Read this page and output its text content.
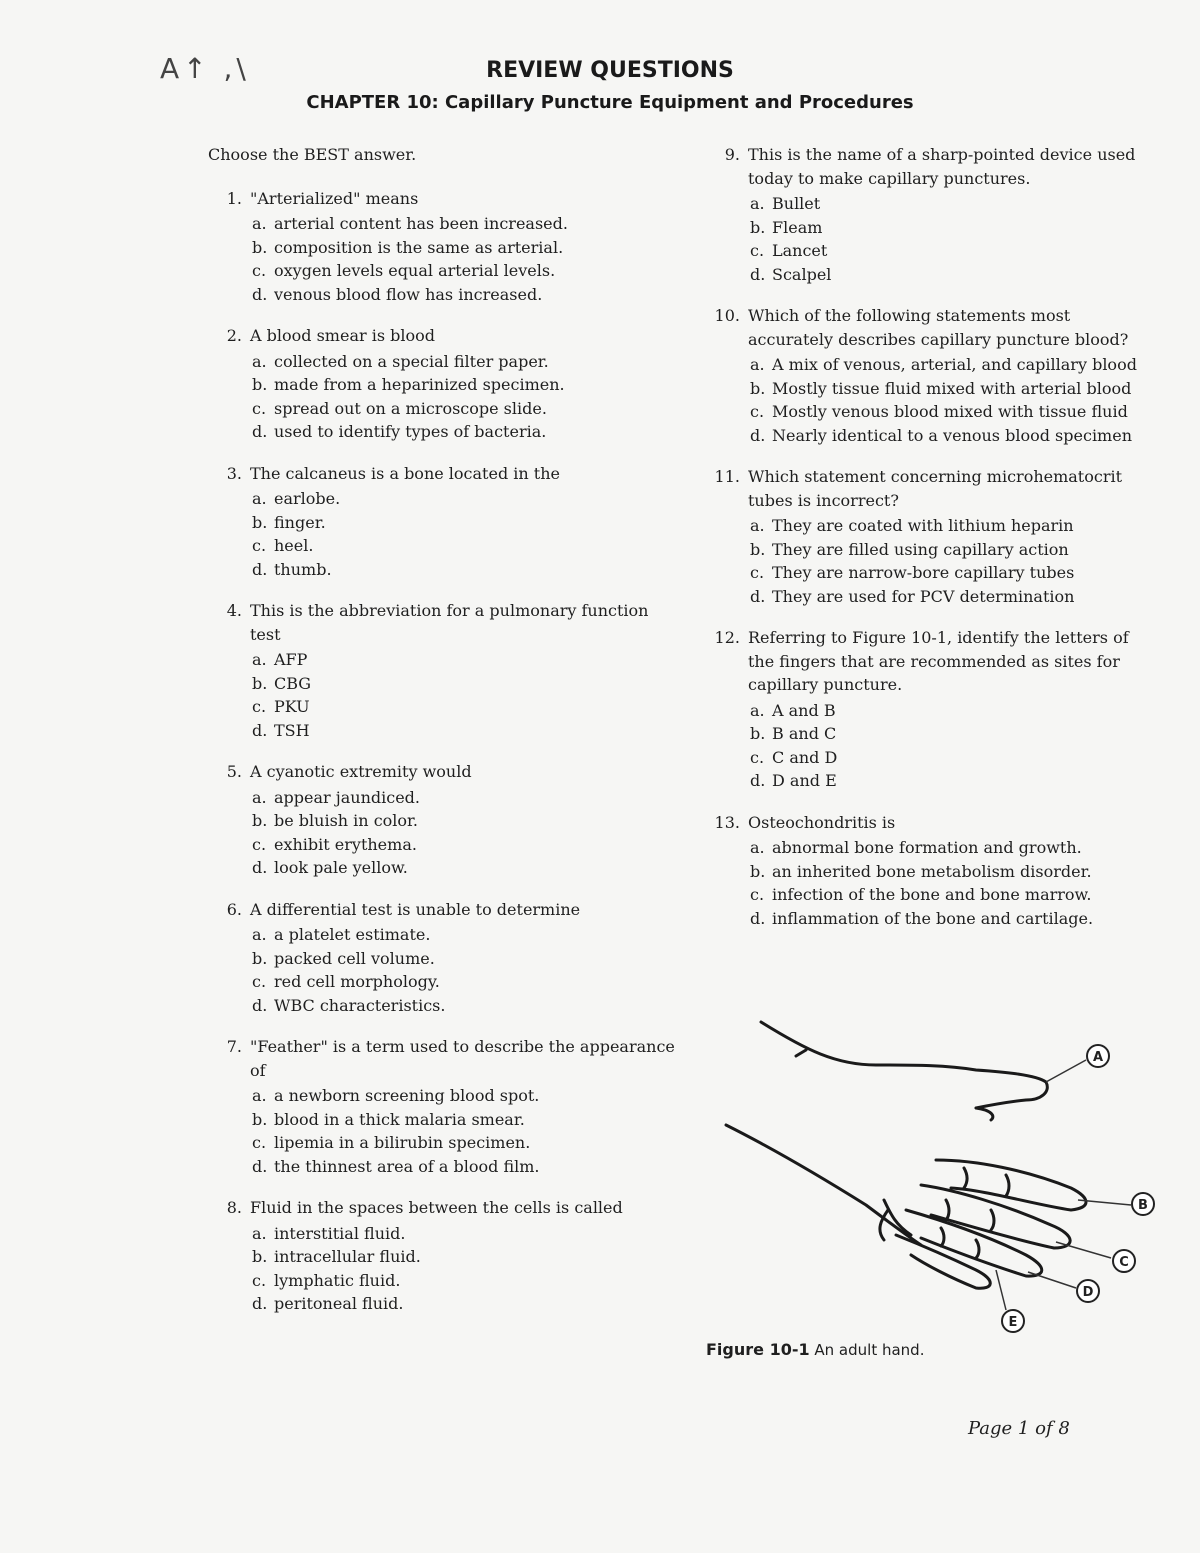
A↑ ,\	REVIEW QUESTIONS
CHAPTER 10: Capillary Puncture Equipment and Procedures
Choose the BEST answer.
1. "Arterialized" means
a. arterial content has been increased.
b. composition is the same as arterial.
c. oxygen levels equal arterial levels.
d. venous blood flow has increased.
2. A blood smear is blood
a. collected on a special filter paper.
b. made from a heparinized specimen.
c. spread out on a microscope slide.
d. used to identify types of bacteria.
3. The calcaneus is a bone located in the
a. earlobe.
b. finger.
c. heel.
d. thumb.
4. This is the abbreviation for a pulmonary function test
a. AFP
b. CBG
c. PKU
d. TSH
5. A cyanotic extremity would
a. appear jaundiced.
b. be bluish in color.
c. exhibit erythema.
d. look pale yellow.
6. A differential test is unable to determine
a. a platelet estimate.
b. packed cell volume.
c. red cell morphology.
d. WBC characteristics.
7. "Feather" is a term used to describe the appearance of
a. a newborn screening blood spot.
b. blood in a thick malaria smear.
c. lipemia in a bilirubin specimen.
d. the thinnest area of a blood film.
8. Fluid in the spaces between the cells is called
a. interstitial fluid.
b. intracellular fluid.
c. lymphatic fluid.
d. peritoneal fluid.
9. This is the name of a sharp-pointed device used today to make capillary punctures.
a. Bullet
b. Fleam
c. Lancet
d. Scalpel
10. Which of the following statements most accurately describes capillary puncture blood?
a. A mix of venous, arterial, and capillary blood
b. Mostly tissue fluid mixed with arterial blood
c. Mostly venous blood mixed with tissue fluid
d. Nearly identical to a venous blood specimen
11. Which statement concerning microhematocrit tubes is incorrect?
a. They are coated with lithium heparin
b. They are filled using capillary action
c. They are narrow-bore capillary tubes
d. They are used for PCV determination
12. Referring to Figure 10-1, identify the letters of the fingers that are recommended as sites for capillary puncture.
a. A and B
b. B and C
c. C and D
d. D and E
13. Osteochondritis is
a. abnormal bone formation and growth.
b. an inherited bone metabolism disorder.
c. infection of the bone and bone marrow.
d. inflammation of the bone and cartilage.
A
B
C
D
E
Figure 10-1 An adult hand.
Page 1 of 8
